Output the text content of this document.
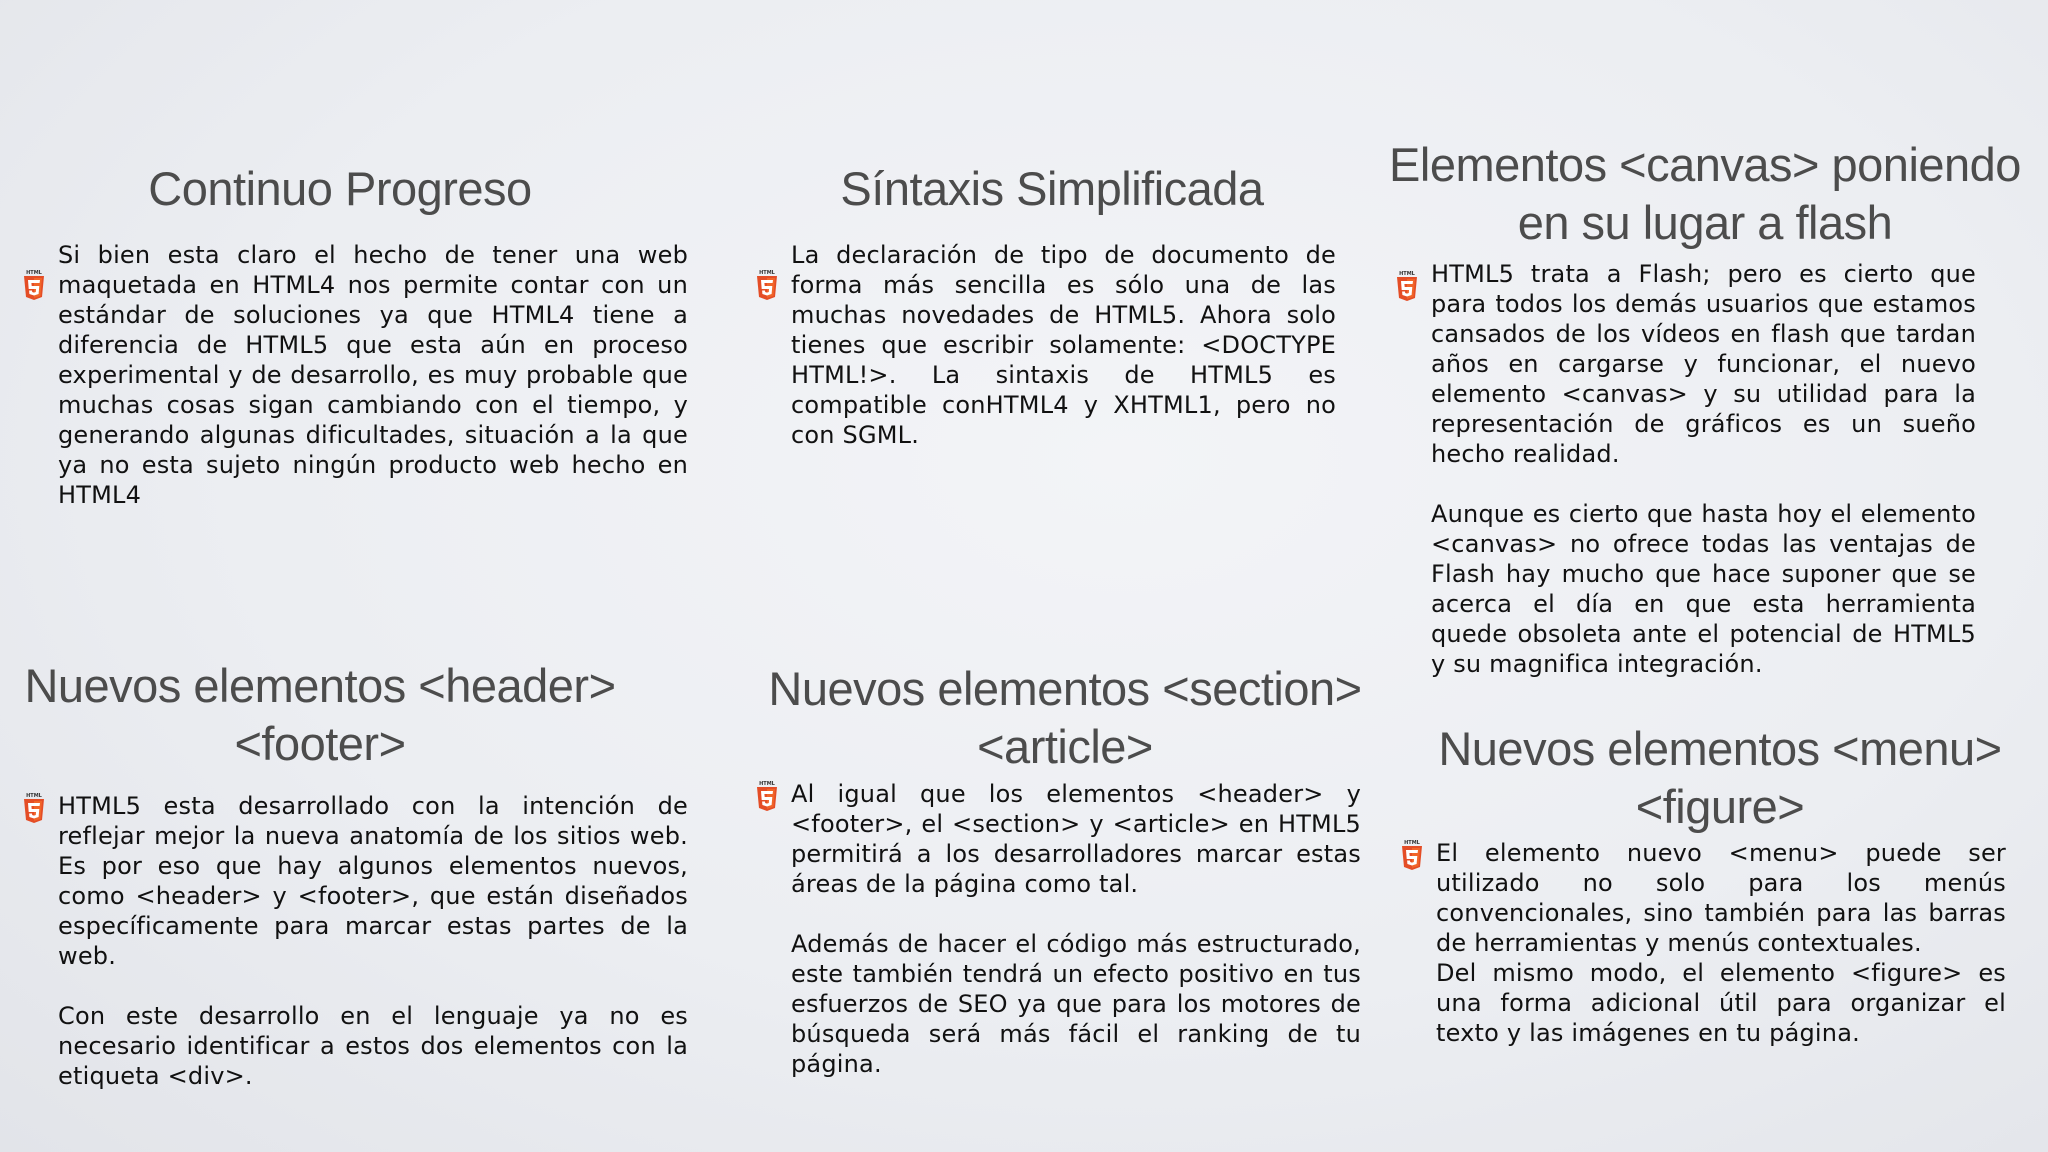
Continuo Progreso
HTML

Si bien esta claro el hecho de tener una web maquetada en HTML4 nos permite contar con un estándar de soluciones ya que HTML4 tiene a diferencia de HTML5 que esta aún en proceso experimental y de desarrollo, es muy probable que muchas cosas sigan cambiando con el tiempo, y generando algunas dificultades, situación a la que ya no esta sujeto ningún producto web hecho en HTML4

Síntaxis Simplificada
HTML

La declaración de tipo de documento de forma más sencilla es sólo una de las muchas novedades de HTML5. Ahora solo tienes que escribir solamente: <DOCTYPE HTML!>. La sintaxis de HTML5 es compatible conHTML4 y XHTML1, pero no con SGML.

Elementos <canvas> poniendo en su lugar a flash
HTML HTML5 trata a Flash; pero es cierto que para todos los demás usuarios que estamos cansados de los vídeos en flash que tardan años en cargarse y funcionar, el nuevo elemento <canvas> y su utilidad para la representación de gráficos es un sueño hecho realidad.

Aunque es cierto que hasta hoy el elemento <canvas> no ofrece todas las ventajas de Flash hay mucho que hace suponer que se acerca el día en que esta herramienta quede obsoleta ante el potencial de HTML5 y su magnifica integración.

Nuevos elementos <header> <footer>
HTML HTML5 esta desarrollado con la intención de reflejar mejor la nueva anatomía de los sitios web. Es por eso que hay algunos elementos nuevos, como <header> y <footer>, que están diseñados específicamente para marcar estas partes de la web.

Con este desarrollo en el lenguaje ya no es necesario identificar a estos dos elementos con la etiqueta <div>.

Nuevos elementos <section> <article>
HTML Al igual que los elementos <header> y <footer>, el <section> y <article> en HTML5 permitirá a los desarrolladores marcar estas áreas de la página como tal.

Además de hacer el código más estructurado, este también tendrá un efecto positivo en tus esfuerzos de SEO ya que para los motores de búsqueda será más fácil el ranking de tu página.

Nuevos elementos <menu> <figure>
HTML El elemento nuevo <menu> puede ser utilizado no solo para los menús convencionales, sino también para las barras de herramientas y menús contextuales.
Del mismo modo, el elemento <figure> es una forma adicional útil para organizar el texto y las imágenes en tu página.
